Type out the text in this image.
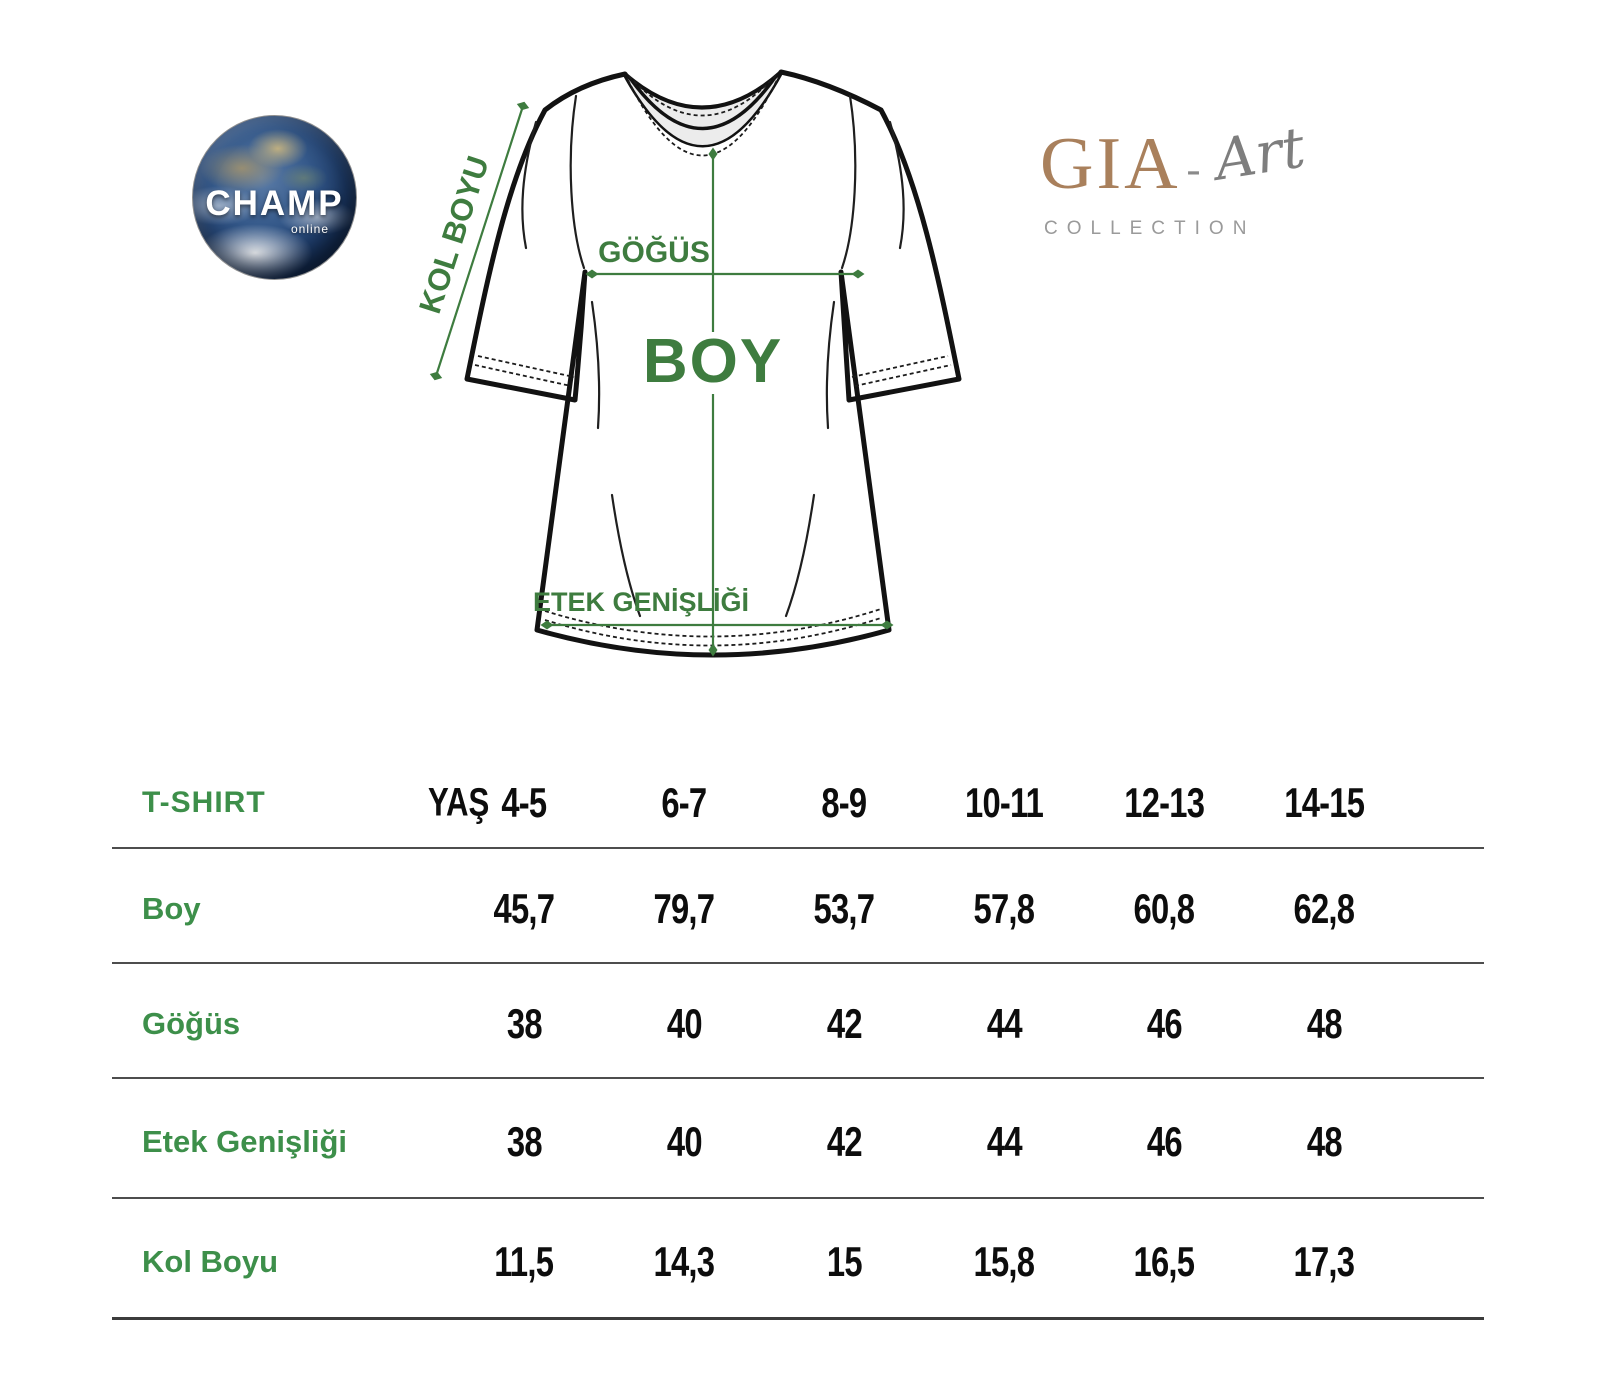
CHAMP
online
GIA - Art
COLLECTION
KOL BOYU	GÖĞÜS
BOY
ETEK GENİŞLİĞİ
T-SHIRT	4-5	6-7	8-9	10-11	12-13	14-15
YAŞ
Boy	45,7	79,7	53,7	57,8	60,8	62,8
Göğüs	38	40	42	44	46	48
Etek Genişliği	38	40	42	44	46	48
Kol Boyu	11,5	14,3	15	15,8	16,5	17,3
